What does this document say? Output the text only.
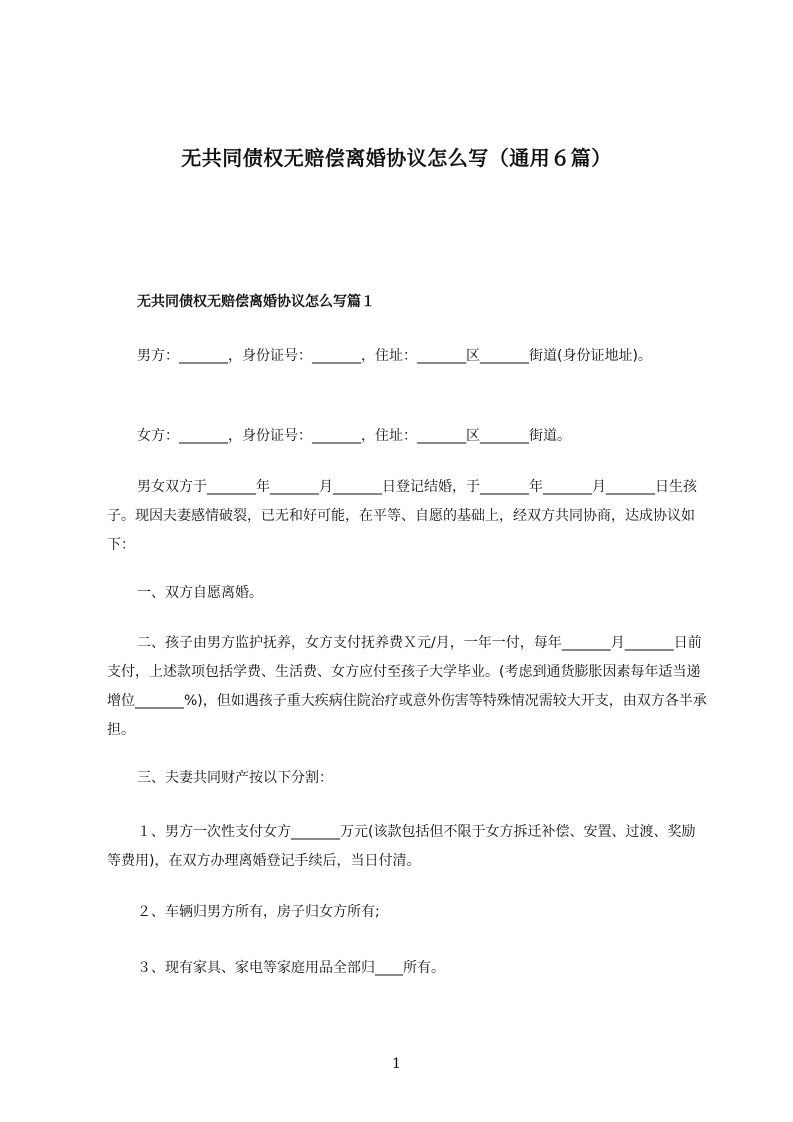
无共同债权无赔偿离婚协议怎么写（通用６篇）
无共同债权无赔偿离婚协议怎么写篇１

男方：_______，身份证号：_______，住址：_______区_______街道(身份证地址)。

女方：_______，身份证号：_______，住址：_______区_______街道。

男女双方于_______年_______月_______日登记结婚，于_______年_______月_______日生孩子。现因夫妻感情破裂，已无和好可能，在平等、自愿的基础上，经双方共同协商，达成协议如下：

一、双方自愿离婚。

二、孩子由男方监护抚养，女方支付抚养费Ｘ元/月，一年一付，每年_______月_______日前支付，上述款项包括学费、生活费、女方应付至孩子大学毕业。(考虑到通货膨胀因素每年适当递增位_______%)，但如遇孩子重大疾病住院治疗或意外伤害等特殊情况需较大开支，由双方各半承担。

三、夫妻共同财产按以下分割：

１、男方一次性支付女方_______万元(该款包括但不限于女方拆迁补偿、安置、过渡、奖励等费用)，在双方办理离婚登记手续后，当日付清。

２、车辆归男方所有，房子归女方所有;

３、现有家具、家电等家庭用品全部归____所有。

1
